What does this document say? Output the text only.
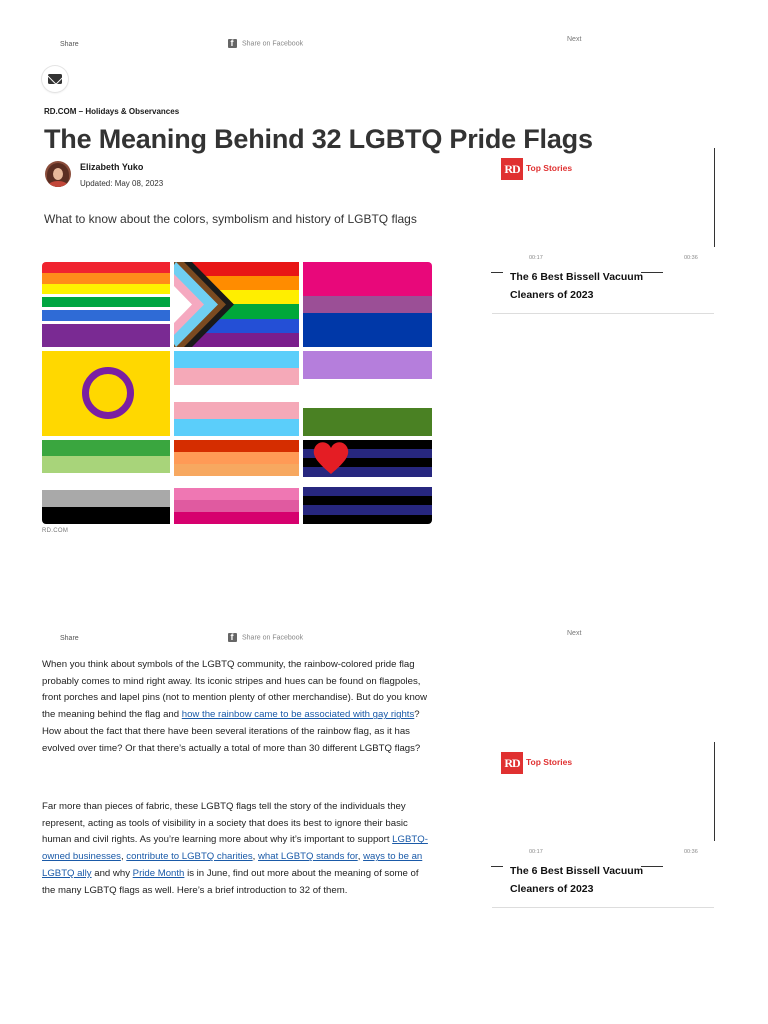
Share f	Share on Facebook
Next
RD.COM – Holidays & Observances
The Meaning Behind 32 LGBTQ Pride Flags
Elizabeth Yuko
Updated: May 08, 2023
What to know about the colors, symbolism and history of LGBTQ flags
RD.COM
RD Top Stories
00:17	00:36
The 6 Best Bissell Vacuum Cleaners of 2023
Share f	Share on Facebook
Next
When you think about symbols of the LGBTQ community, the rainbow-colored pride flag probably comes to mind right away. Its iconic stripes and hues can be found on flagpoles, front porches and lapel pins (not to mention plenty of other merchandise). But do you know the meaning behind the flag and how the rainbow came to be associated with gay rights? How about the fact that there have been several iterations of the rainbow flag, as it has evolved over time? Or that there’s actually a total of more than 30 different LGBTQ flags?
Far more than pieces of fabric, these LGBTQ flags tell the story of the individuals they represent, acting as tools of visibility in a society that does its best to ignore their basic human and civil rights. As you’re learning more about why it’s important to support LGBTQ-owned businesses, contribute to LGBTQ charities, what LGBTQ stands for, ways to be an LGBTQ ally and why Pride Month is in June, find out more about the meaning of some of the many LGBTQ flags as well. Here’s a brief introduction to 32 of them.
RD Top Stories
00:17	00:36
The 6 Best Bissell Vacuum Cleaners of 2023
